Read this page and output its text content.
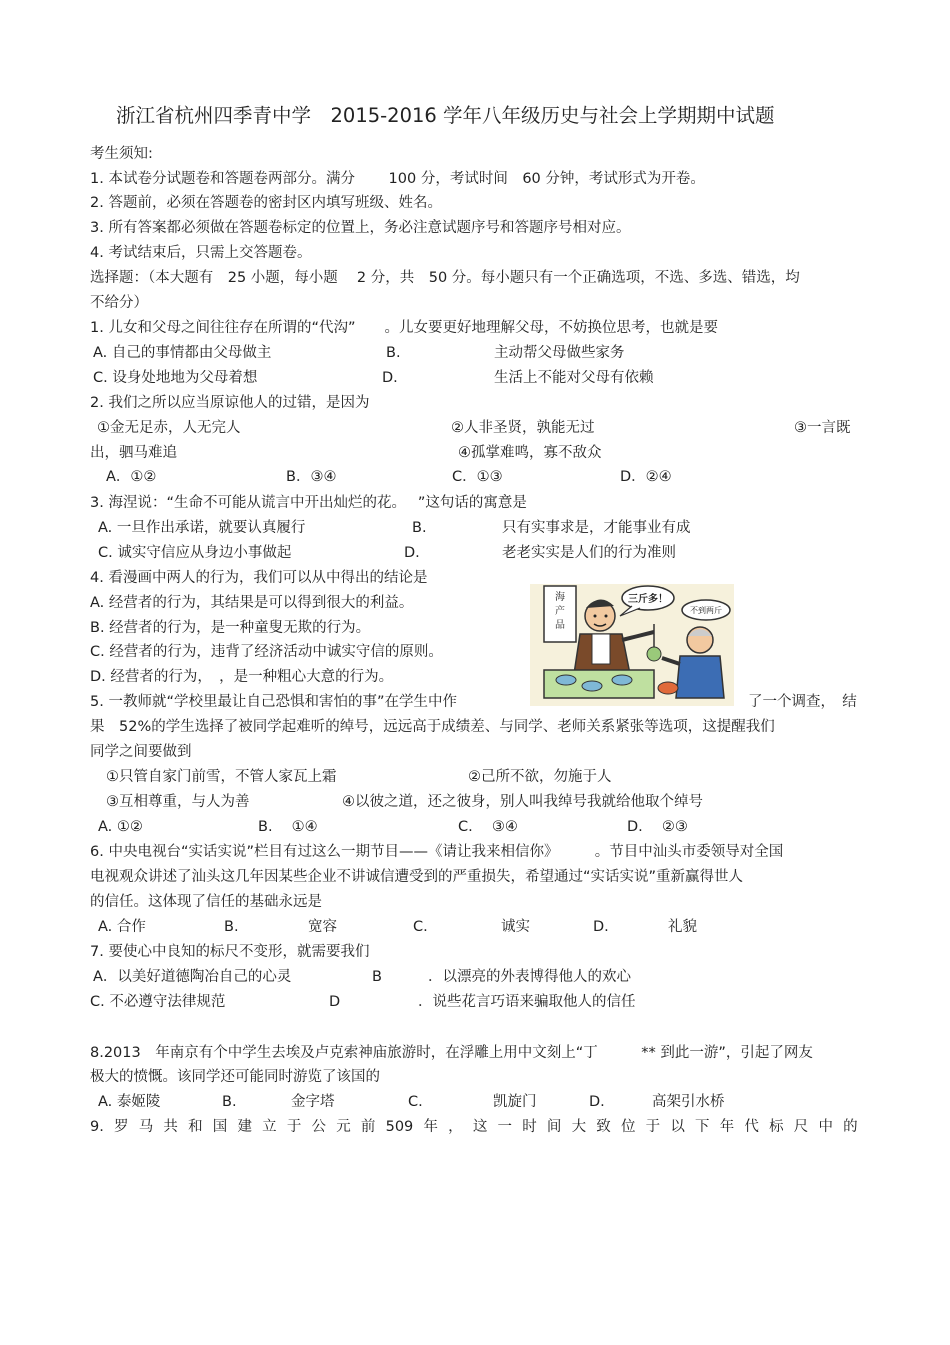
浙江省杭州四季青中学　2015-2016 学年八年级历史与社会上学期期中试题
考生须知:
1. 本试卷分试题卷和答题卷两部分。满分　　 100 分，考试时间　60 分钟，考试形式为开卷。
2. 答题前，必须在答题卷的密封区内填写班级、姓名。
3. 所有答案都必须做在答题卷标定的位置上，务必注意试题序号和答题序号相对应。
4. 考试结束后，只需上交答题卷。
选择题：（本大题有　25 小题，每小题　 2 分，共　50 分。每小题只有一个正确选项，不选、多选、错选，均
不给分）
1. 儿女和父母之间往往存在所谓的“代沟”　　。儿女要更好地理解父母，不妨换位思考，也就是要
A. 自己的事情都由父母做主	B.	主动帮父母做些家务
C. 设身处地地为父母着想	D.	生活上不能对父母有依赖
2. 我们之所以应当原谅他人的过错，是因为
①金无足赤，人无完人	②人非圣贤，孰能无过	③一言既
出，驷马难追	④孤掌难鸣，寡不敌众
A．①②	B．③④	C．①③	D．②④
3. 海涅说：“生命不可能从谎言中开出灿烂的花。　 ”这句话的寓意是
A. 一旦作出承诺，就要认真履行	B.	只有实事求是，才能事业有成
C. 诚实守信应从身边小事做起	D.	老老实实是人们的行为准则
4. 看漫画中两人的行为，我们可以从中得出的结论是
A. 经营者的行为，其结果是可以得到很大的利益。
B. 经营者的行为，是一种童叟无欺的行为。
C. 经营者的行为，违背了经济活动中诚实守信的原则。
D. 经营者的行为，　，是一种粗心大意的行为。
海
产
品
三斤多！
不到两斤
5. 一教师就“学校里最让自己恐惧和害怕的事”在学生中作	了一个调查，　结
果　52%的学生选择了被同学起难听的绰号，远远高于成绩差、与同学、老师关系紧张等选项，这提醒我们
同学之间要做到
①只管自家门前雪，不管人家瓦上霜	②己所不欲，勿施于人
③互相尊重，与人为善	④以彼之道，还之彼身，别人叫我绰号我就给他取个绰号
A. ①②	B.　 ①④	C.　 ③④	D.　 ②③
6. 中央电视台“实话实说”栏目有过这么一期节目——《请让我来相信你》　　　。节目中汕头市委领导对全国
电视观众讲述了汕头这几年因某些企业不讲诚信遭受到的严重损失，希望通过“实话实说”重新赢得世人
的信任。这体现了信任的基础永远是
A. 合作	B.	宽容	C.	诚实	D.	礼貌
7. 要使心中良知的标尺不变形，就需要我们
A．以美好道德陶冶自己的心灵	B	．以漂亮的外表博得他人的欢心
C. 不必遵守法律规范	D	．说些花言巧语来骗取他人的信任
8.2013　年南京有个中学生去埃及卢克索神庙旅游时，在浮雕上用中文刻上“丁　　　** 到此一游”，引起了网友
极大的愤慨。该同学还可能同时游览了该国的
A. 泰姬陵	B.	金字塔	C.	凯旋门	D.	高架引水桥
9. 罗 马 共 和 国 建 立 于 公 元 前 509 年 ， 这 一 时 间 大 致 位 于 以 下 年 代 标 尺 中 的
